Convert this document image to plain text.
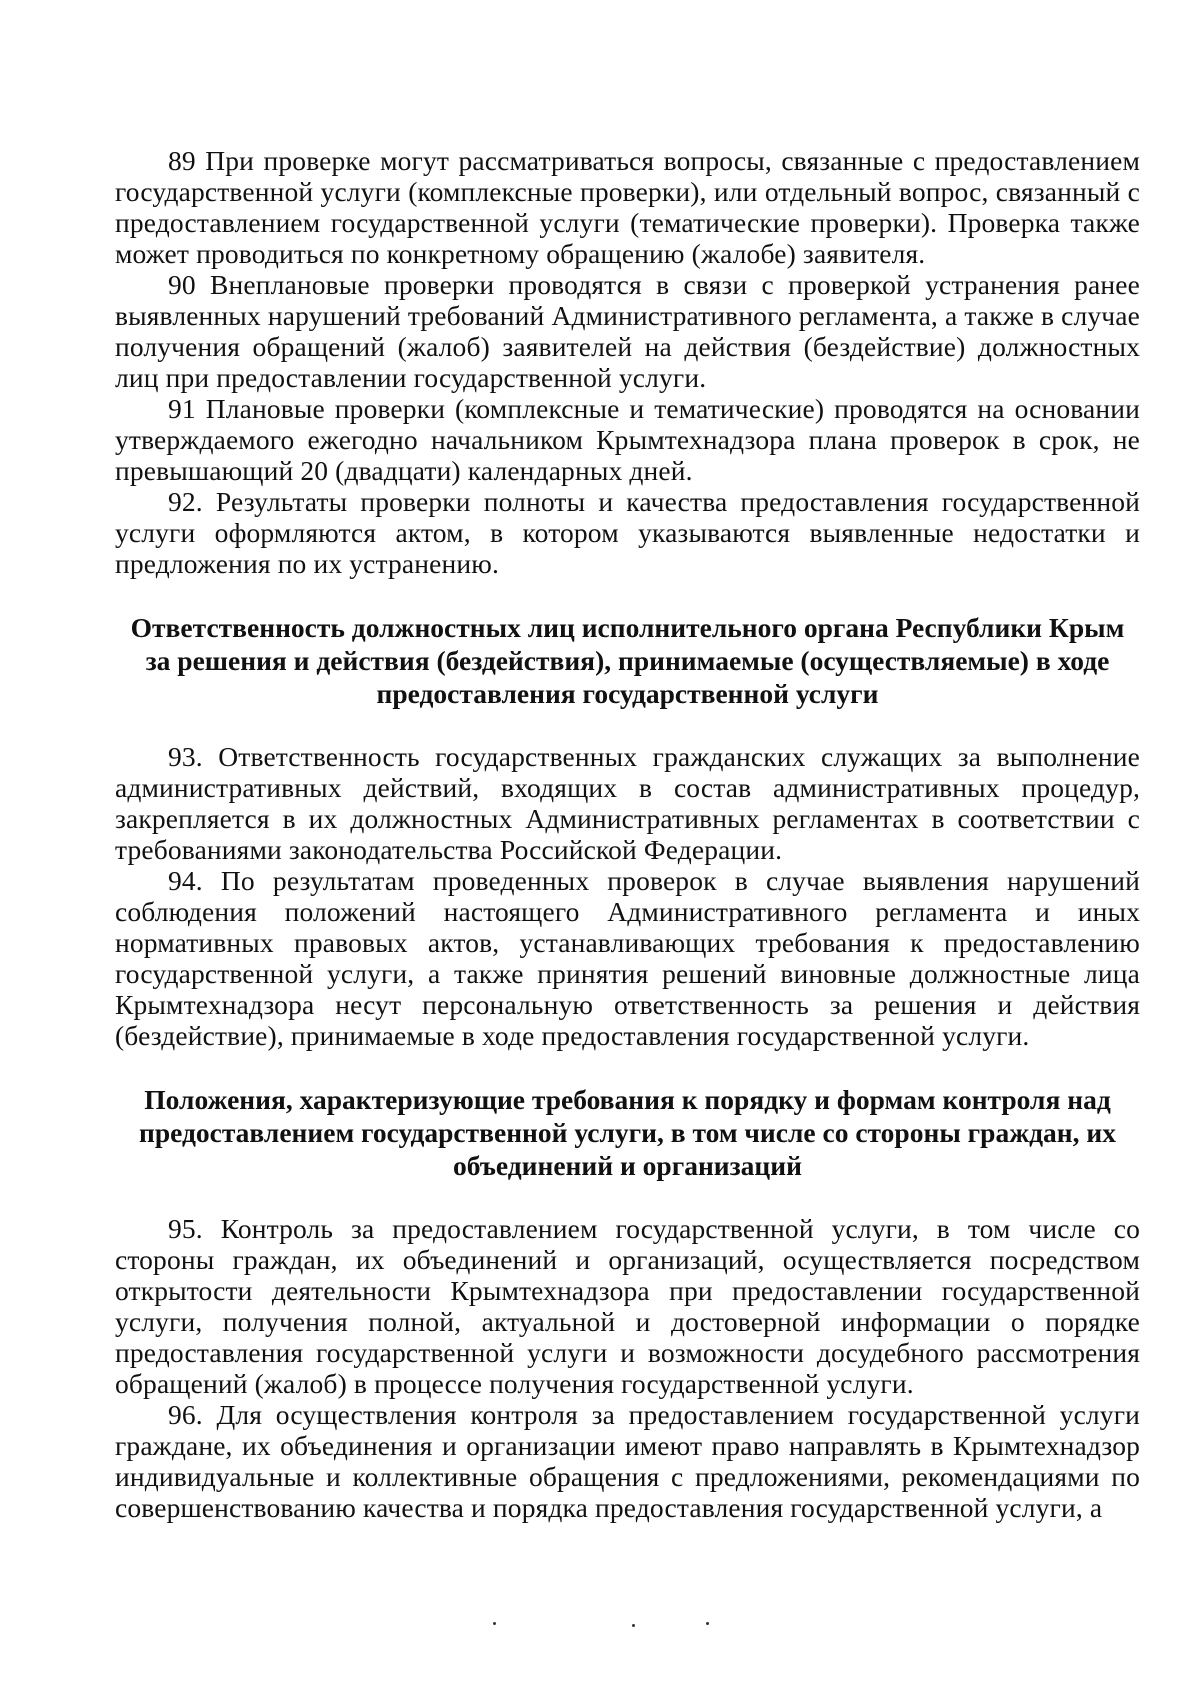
89 При проверке могут рассматриваться вопросы, связанные с предоставлением государственной услуги (комплексные проверки), или отдельный вопрос, связанный с предоставлением государственной услуги (тематические проверки). Проверка также может проводиться по конкретному обращению (жалобе) заявителя.

90 Внеплановые проверки проводятся в связи с проверкой устранения ранее выявленных нарушений требований Административного регламента, а также в случае получения обращений (жалоб) заявителей на действия (бездействие) должностных лиц при предоставлении государственной услуги.

91 Плановые проверки (комплексные и тематические) проводятся на основании утверждаемого ежегодно начальником Крымтехнадзора плана проверок в срок, не превышающий 20 (двадцати) календарных дней.

92. Результаты проверки полноты и качества предоставления государственной услуги оформляются актом, в котором указываются выявленные недостатки и предложения по их устранению.

Ответственность должностных лиц исполнительного органа Республики Крым за решения и действия (бездействия), принимаемые (осуществляемые) в ходе предоставления государственной услуги

93. Ответственность государственных гражданских служащих за выполнение административных действий, входящих в состав административных процедур, закрепляется в их должностных Административных регламентах в соответствии с требованиями законодательства Российской Федерации.

94. По результатам проведенных проверок в случае выявления нарушений соблюдения положений настоящего Административного регламента и иных нормативных правовых актов, устанавливающих требования к предоставлению государственной услуги, а также принятия решений виновные должностные лица Крымтехнадзора несут персональную ответственность за решения и действия (бездействие), принимаемые в ходе предоставления государственной услуги.

Положения, характеризующие требования к порядку и формам контроля над предоставлением государственной услуги, в том числе со стороны граждан, их объединений и организаций

95. Контроль за предоставлением государственной услуги, в том числе со стороны граждан, их объединений и организаций, осуществляется посредством открытости деятельности Крымтехнадзора при предоставлении государственной услуги, получения полной, актуальной и достоверной информации о порядке предоставления государственной услуги и возможности досудебного рассмотрения обращений (жалоб) в процессе получения государственной услуги.

96. Для осуществления контроля за предоставлением государственной услуги граждане, их объединения и организации имеют право направлять в Крымтехнадзор индивидуальные и коллективные обращения с предложениями, рекомендациями по совершенствованию качества и порядка предоставления государственной услуги, а
